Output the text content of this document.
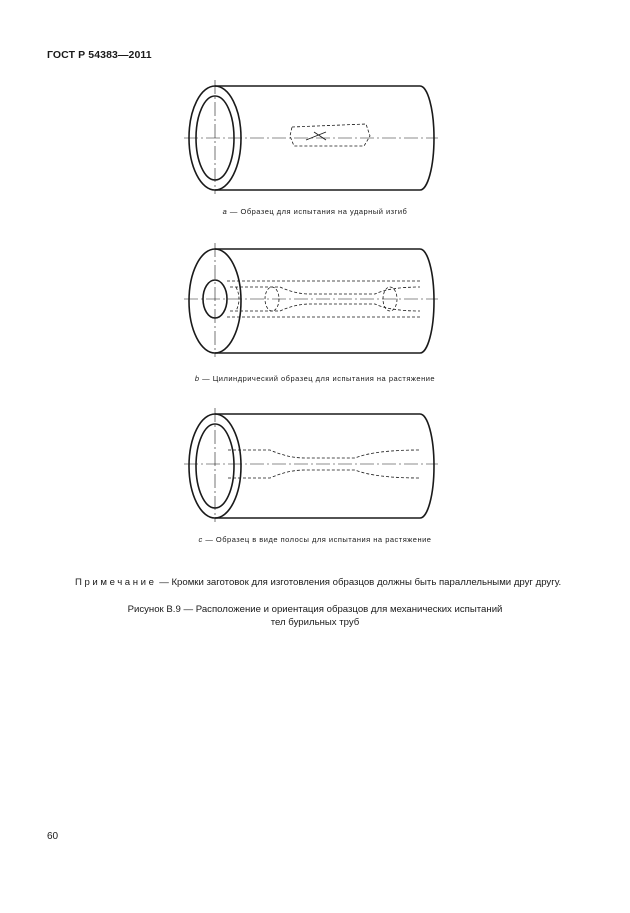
ГОСТ Р 54383—2011
a — Образец для испытания на ударный изгиб
b — Цилиндрический образец для испытания на растяжение
c — Образец в виде полосы для испытания на растяжение
Примечание — Кромки заготовок для изготовления образцов должны быть параллельными друг другу.
Рисунок В.9 — Расположение и ориентация образцов для механических испытаний
тел бурильных труб
60
